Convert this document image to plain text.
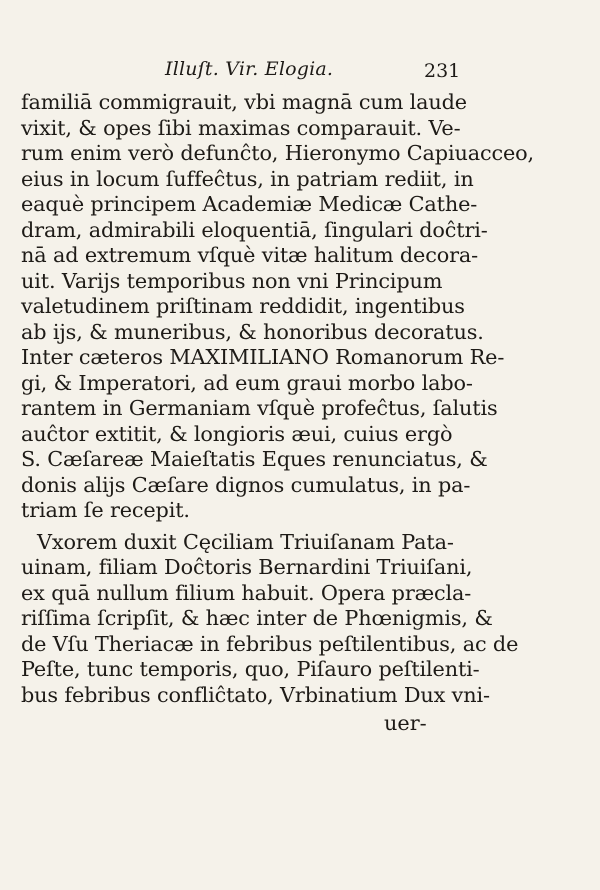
Illuſt. Vir. Elogia.	231
familiā commigrauit, vbi magnā cum laude
vixit, & opes ſibi maximas comparauit. Ve-
rum enim verò defunĉto, Hieronymo Capiuacceo,
eius in locum ſuffeĉtus, in patriam rediit, in
eaquè principem Academiæ Medicæ Cathe-
dram, admirabili eloquentiā, ſingulari doĉtri-
nā ad extremum vſquè vitæ halitum decora-
uit. Varijs temporibus non vni Principum
valetudinem priſtinam reddidit, ingentibus
ab ijs, & muneribus, & honoribus decoratus.
Inter cæteros MAXIMILIANO Romanorum Re-
gi, & Imperatori, ad eum graui morbo labo-
rantem in Germaniam vſquè profeĉtus, ſalutis
auĉtor extitit, & longioris æui, cuius ergò
S. Cæſareæ Maieſtatis Eques renunciatus, &
donis alijs Cæſare dignos cumulatus, in pa-
triam ſe recepit.
Vxorem duxit Cęciliam Triuiſanam Pata-
uinam, filiam Doĉtoris Bernardini Triuiſani,
ex quā nullum filium habuit. Opera præcla-
riſſima ſcripſit, & hæc inter de Phœnigmis, &
de Vſu Theriacæ in febribus peſtilentibus, ac de
Peſte, tunc temporis, quo, Piſauro peſtilenti-
bus febribus confliĉtato, Vrbinatium Dux vni-
uer-
